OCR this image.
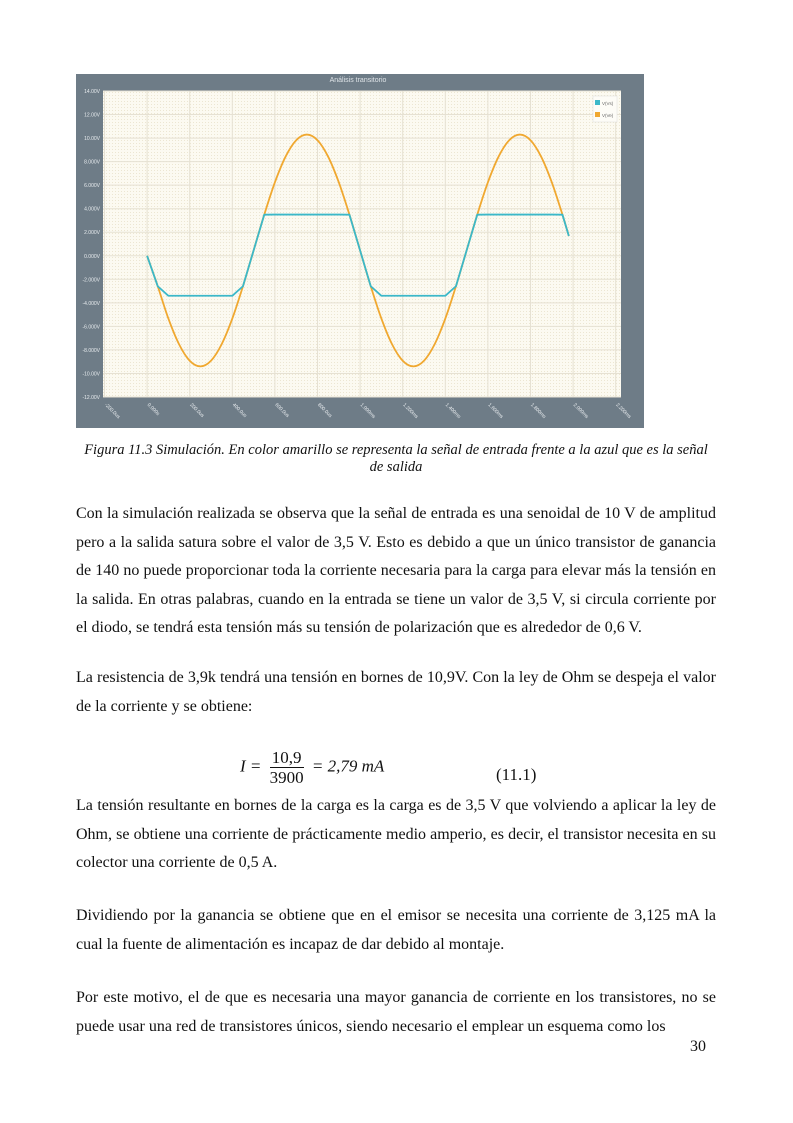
Análisis transitorio
14.00V
12.00V
10.00V
8.000V
6.000V
4.000V
2.000V
0.000V
-2.000V
-4.000V
-6.000V
-8.000V
-10.00V
-12.00V
-200.0us	0.000s	200.0us	400.0us	600.0us	800.0us	1.000ms	1.200ms	1.400ms	1.600ms	1.800ms	2.000ms	2.200ms
V(Vs)
V(Ve)
Figura 11.3 Simulación. En color amarillo se representa la señal de entrada frente a la azul que es la señal de salida

Con la simulación realizada se observa que la señal de entrada es una senoidal de 10 V de amplitud pero a la salida satura sobre el valor de 3,5 V. Esto es debido a que un único transistor de ganancia de 140 no puede proporcionar toda la corriente necesaria para la carga para elevar más la tensión en la salida. En otras palabras, cuando en la entrada se tiene un valor de 3,5 V, si circula corriente por el diodo, se tendrá esta tensión más su tensión de polarización que es alrededor de 0,6 V.

La resistencia de 3,9k tendrá una tensión en bornes de 10,9V. Con la ley de Ohm se despeja el valor de la corriente y se obtiene:

$I = \frac{10,9}{3900} = 2,79$ mA	(11.1)

La tensión resultante en bornes de la carga es la carga es de 3,5 V que volviendo a aplicar la ley de Ohm, se obtiene una corriente de prácticamente medio amperio, es decir, el transistor necesita en su colector una corriente de 0,5 A.

Dividiendo por la ganancia se obtiene que en el emisor se necesita una corriente de 3,125 mA la cual la fuente de alimentación es incapaz de dar debido al montaje.

Por este motivo, el de que es necesaria una mayor ganancia de corriente en los transistores, no se puede usar una red de transistores únicos, siendo necesario el emplear un esquema como los

30
